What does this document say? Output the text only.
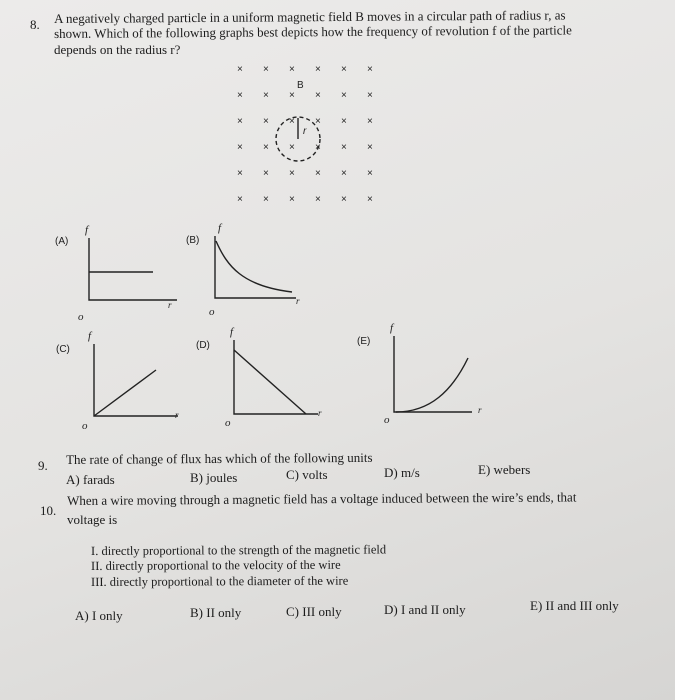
8. A negatively charged particle in a uniform magnetic field B moves in a circular path of radius r, as
shown. Which of the following graphs best depicts how the frequency of revolution f of the particle
depends on the radius r?
× × × × × ×
× × × × × ×
× × × × × ×
× × × × × ×
× × × × × ×
× × × × × ×
B
r
(A)
f
o
r
(B)
f
o
r
(C)
f
o
r
(D)
f
o
r
(E)
f
o
r
9. The rate of change of flux has which of the following units
A) farads	B) joules	C) volts	D) m/s	E) webers
10.
When a wire moving through a magnetic field has a voltage induced between the wire’s ends, that
voltage is
I. directly proportional to the strength of the magnetic field
II. directly proportional to the velocity of the wire
III. directly proportional to the diameter of the wire
A) I only	B) II only	C) III only	D) I and II only	E) II and III only
